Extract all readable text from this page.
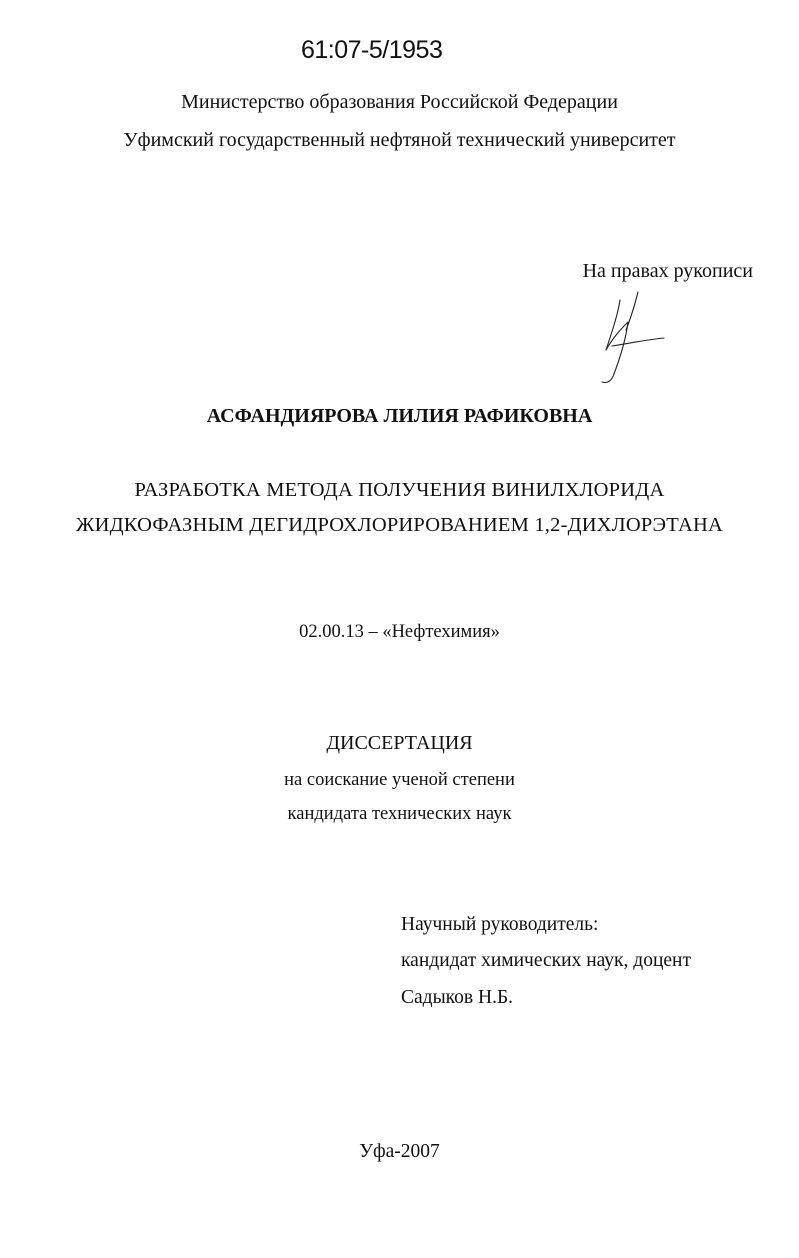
61:07-5/1953
Министерство образования Российской Федерации
Уфимский государственный нефтяной технический университет
На правах рукописи
АСФАНДИЯРОВА ЛИЛИЯ РАФИКОВНА
РАЗРАБОТКА МЕТОДА ПОЛУЧЕНИЯ ВИНИЛХЛОРИДА
ЖИДКОФАЗНЫМ ДЕГИДРОХЛОРИРОВАНИЕМ 1,2-ДИХЛОРЭТАНА
02.00.13 – «Нефтехимия»
ДИССЕРТАЦИЯ
на соискание ученой степени
кандидата технических наук
Научный руководитель:
кандидат химических наук, доцент
Садыков Н.Б.
Уфа-2007
